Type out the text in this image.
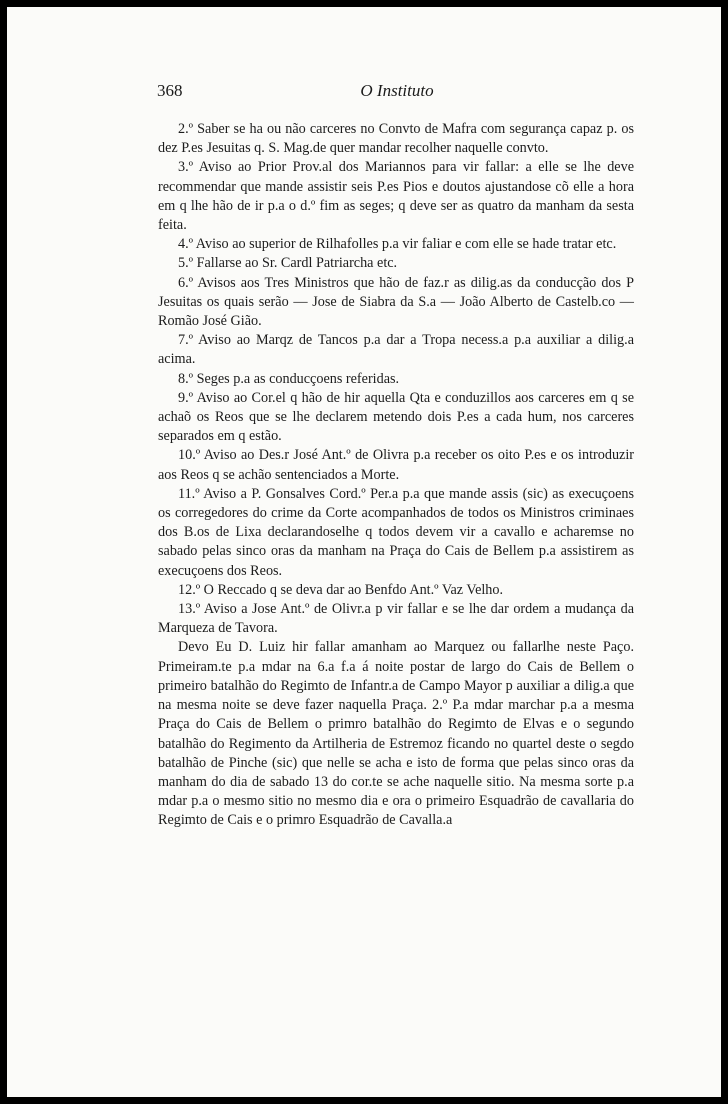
368	O Instituto

2.º Saber se ha ou não carceres no Convto de Mafra com segurança capaz p. os dez P.es Jesuitas q. S. Mag.de quer mandar recolher naquelle convto.

3.º Aviso ao Prior Prov.al dos Mariannos para vir fallar: a elle se lhe deve recommendar que mande assistir seis P.es Pios e doutos ajustandose cõ elle a hora em q lhe hão de ir p.a o d.º fim as seges; q deve ser as quatro da manham da sesta feita.

4.º Aviso ao superior de Rilhafolles p.a vir faliar e com elle se hade tratar etc.

5.º Fallarse ao Sr. Cardl Patriarcha etc.

6.º Avisos aos Tres Ministros que hão de faz.r as dilig.as da conducção dos P Jesuitas os quais serão — Jose de Siabra da S.a — João Alberto de Castelb.co — Romão José Gião.

7.º Aviso ao Marqz de Tancos p.a dar a Tropa necess.a p.a auxiliar a dilig.a acima.

8.º Seges p.a as conducçoens referidas.

9.º Aviso ao Cor.el q hão de hir aquella Qta e conduzillos aos carceres em q se achaõ os Reos que se lhe declarem metendo dois P.es a cada hum, nos carceres separados em q estão.

10.º Aviso ao Des.r José Ant.º de Olivra p.a receber os oito P.es e os introduzir aos Reos q se achão sentenciados a Morte.

11.º Aviso a P. Gonsalves Cord.º Per.a p.a que mande assis (sic) as execuçoens os corregedores do crime da Corte acompanhados de todos os Ministros criminaes dos B.os de Lixa declarandoselhe q todos devem vir a cavallo e acharemse no sabado pelas sinco oras da manham na Praça do Cais de Bellem p.a assistirem as execuçoens dos Reos.

12.º O Reccado q se deva dar ao Benfdo Ant.º Vaz Velho.

13.º Aviso a Jose Ant.º de Olivr.a p vir fallar e se lhe dar ordem a mudança da Marqueza de Tavora.

Devo Eu D. Luiz hir fallar amanham ao Marquez ou fallarlhe neste Paço. Primeiram.te p.a mdar na 6.a f.a á noite postar de largo do Cais de Bellem o primeiro batalhão do Regimto de Infantr.a de Campo Mayor p auxiliar a dilig.a que na mesma noite se deve fazer naquella Praça. 2.º P.a mdar marchar p.a a mesma Praça do Cais de Bellem o primro batalhão do Regimto de Elvas e o segundo batalhão do Regimento da Artilheria de Estremoz ficando no quartel deste o segdo batalhão de Pinche (sic) que nelle se acha e isto de forma que pelas sinco oras da manham do dia de sabado 13 do cor.te se ache naquelle sitio. Na mesma sorte p.a mdar p.a o mesmo sitio no mesmo dia e ora o primeiro Esquadrão de cavallaria do Regimto de Cais e o primro Esquadrão de Cavalla.a
